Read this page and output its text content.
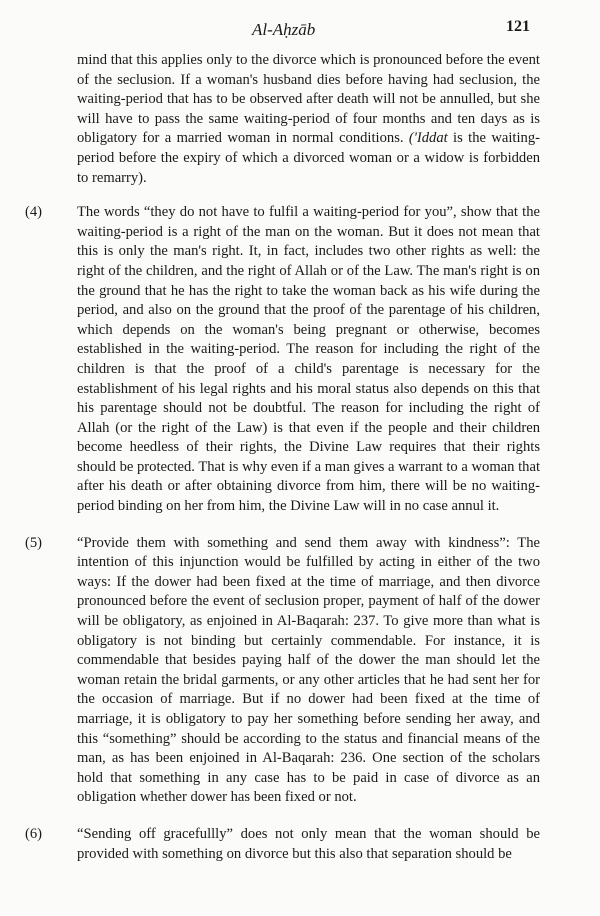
Al-Aḥzāb	121
mind that this applies only to the divorce which is pronounced before the event of the seclusion. If a woman's husband dies before having had seclusion, the waiting-period that has to be observed after death will not be annulled, but she will have to pass the same waiting-period of four months and ten days as is obligatory for a married woman in normal conditions. ('Iddat is the waiting-period before the expiry of which a divorced woman or a widow is forbidden to remarry).
(4) The words “they do not have to fulfil a waiting-period for you”, show that the waiting-period is a right of the man on the woman. But it does not mean that this is only the man's right. It, in fact, includes two other rights as well: the right of the children, and the right of Allah or of the Law. The man's right is on the ground that he has the right to take the woman back as his wife during the period, and also on the ground that the proof of the parentage of his children, which depends on the woman's being pregnant or otherwise, becomes established in the waiting-period. The reason for including the right of the children is that the proof of a child's parentage is necessary for the establishment of his legal rights and his moral status also depends on this that his parentage should not be doubtful. The reason for including the right of Allah (or the right of the Law) is that even if the people and their children become heedless of their rights, the Divine Law requires that their rights should be protected. That is why even if a man gives a warrant to a woman that after his death or after obtaining divorce from him, there will be no waiting-period binding on her from him, the Divine Law will in no case annul it.
(5) “Provide them with something and send them away with kindness”: The intention of this injunction would be fulfilled by acting in either of the two ways: If the dower had been fixed at the time of marriage, and then divorce pronounced before the event of seclusion proper, payment of half of the dower will be obligatory, as enjoined in Al-Baqarah: 237. To give more than what is obligatory is not binding but certainly commendable. For instance, it is commendable that besides paying half of the dower the man should let the woman retain the bridal garments, or any other articles that he had sent her for the occasion of marriage. But if no dower had been fixed at the time of marriage, it is obligatory to pay her something before sending her away, and this “something” should be according to the status and financial means of the man, as has been enjoined in Al-Baqarah: 236. One section of the scholars hold that something in any case has to be paid in case of divorce as an obligation whether dower has been fixed or not.
(6) “Sending off gracefullly” does not only mean that the woman should be provided with something on divorce but this also that separation should be
